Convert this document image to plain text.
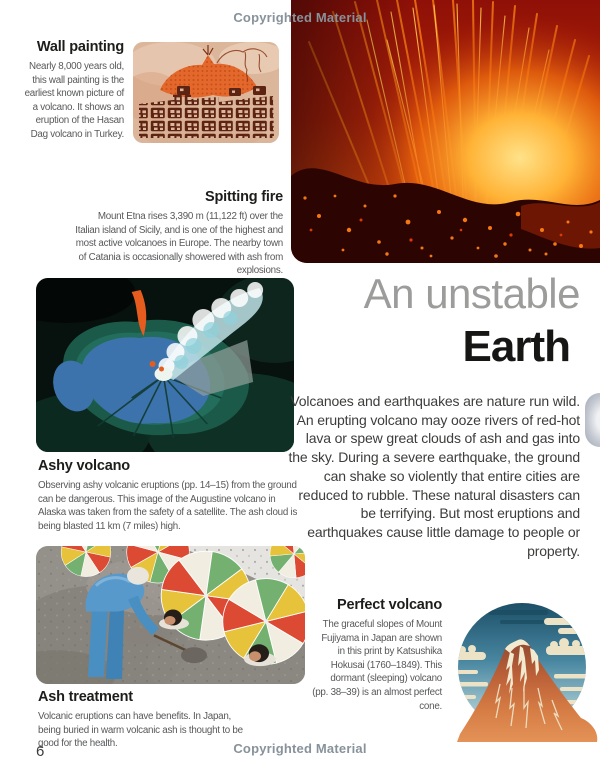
Copyrighted Material
Wall painting

Nearly 8,000 years old, this wall painting is the earliest known picture of a volcano. It shows an eruption of the Hasan Dag volcano in Turkey.

Spitting fire

Mount Etna rises 3,390 m (11,122 ft) over the Italian island of Sicily, and is one of the highest and most active volcanoes in Europe. The nearby town of Catania is occasionally showered with ash from explosions.	An unstable
Earth
Volcanoes and earthquakes are nature run wild. An erupting volcano may ooze rivers of red-hot lava or spew great clouds of ash and gas into the sky. During a severe earthquake, the ground can shake so violently that entire cities are reduced to rubble. These natural disasters can be terrifying. But most eruptions and earthquakes cause little damage to people or property.
Ashy volcano

Observing ashy volcanic eruptions (pp. 14–15) from the ground can be dangerous. This image of the Augustine volcano in Alaska was taken from the safety of a satellite. The ash cloud is being blasted 11 km (7 miles) high.

Ash treatment

Volcanic eruptions can have benefits. In Japan, being buried in warm volcanic ash is thought to be good for the health.

Perfect volcano

The graceful slopes of Mount Fujiyama in Japan are shown in this print by Katsushika Hokusai (1760–1849). This dormant (sleeping) volcano (pp. 38–39) is an almost perfect cone.

6	Copyrighted Material
